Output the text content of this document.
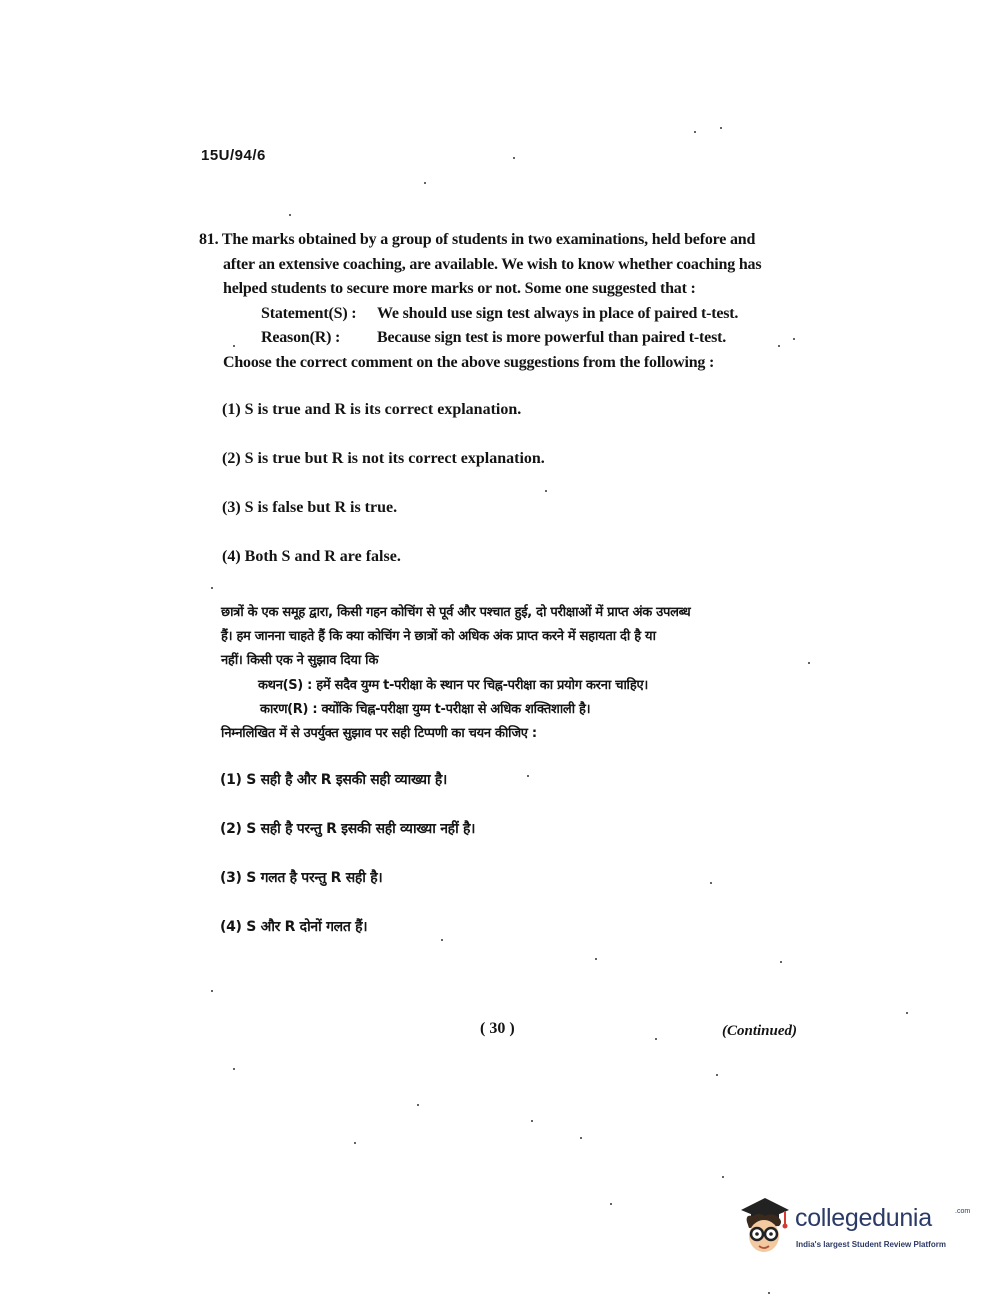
15U/94/6
81. The marks obtained by a group of students in two examinations, held before and
after an extensive coaching, are available. We wish to know whether coaching has
helped students to secure more marks or not. Some one suggested that :
Statement(S) : We should use sign test always in place of paired t-test.
Reason(R) : Because sign test is more powerful than paired t-test.
Choose the correct comment on the above suggestions from the following :
(1) S is true and R is its correct explanation.
(2) S is true but R is not its correct explanation.
(3) S is false but R is true.
(4) Both S and R are false.
छात्रों के एक समूह द्वारा, किसी गहन कोचिंग से पूर्व और पश्चात हुई, दो परीक्षाओं में प्राप्त अंक उपलब्ध
हैं। हम जानना चाहते हैं कि क्या कोचिंग ने छात्रों को अधिक अंक प्राप्त करने में सहायता दी है या
नहीं। किसी एक ने सुझाव दिया कि
कथन(S) : हमें सदैव युग्म t-परीक्षा के स्थान पर चिह्न-परीक्षा का प्रयोग करना चाहिए।
कारण(R) : क्योंकि चिह्न-परीक्षा युग्म t-परीक्षा से अधिक शक्तिशाली है।
निम्नलिखित में से उपर्युक्त सुझाव पर सही टिप्पणी का चयन कीजिए :
(1) S सही है और R इसकी सही व्याख्या है।
(2) S सही है परन्तु R इसकी सही व्याख्या नहीं है।
(3) S गलत है परन्तु R सही है।
(4) S और R दोनों गलत हैं।
( 30 )	(Continued)
collegedunia	.com
India's largest Student Review Platform
